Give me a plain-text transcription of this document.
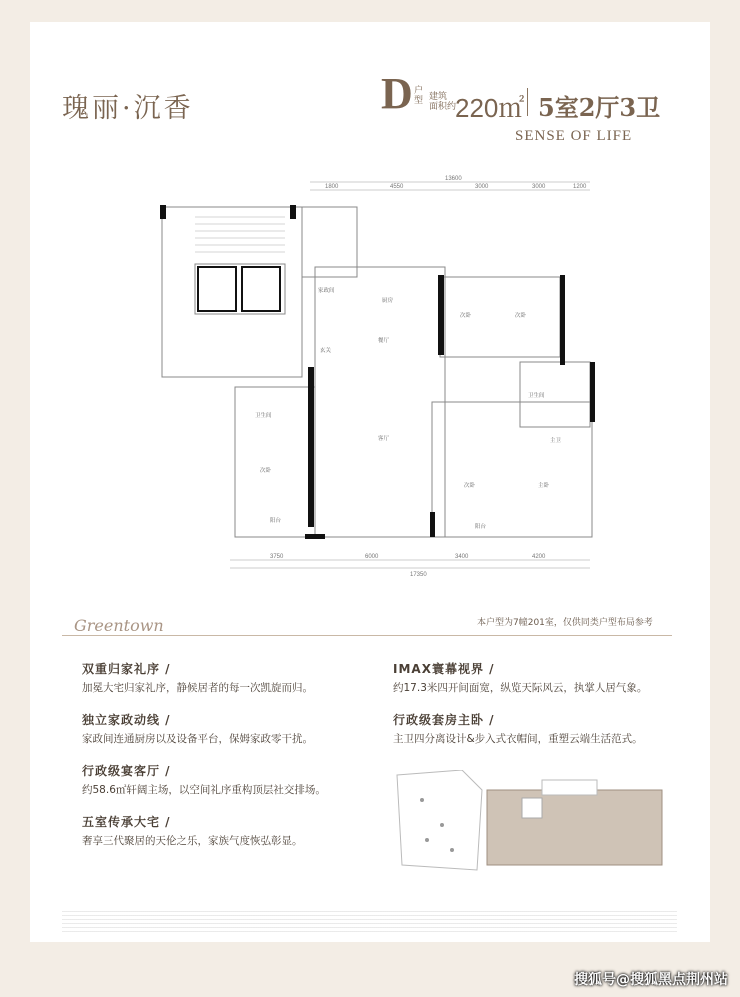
瑰丽·沉香	D 户
型 建筑
面积约
220㎡ 5室2厅3卫
SENSE OF LIFE
1800	4550	3000	3000	1200
13600
3750	6000	3400	4200
17350
客厅
餐厅
厨房
主卧
次卧	次卧
次卧
次卧
卫生间
卫生间
主卫
家政间
玄关
阳台
阳台
Greentown	本户型为7幢201室，仅供同类户型布局参考
双重归家礼序 /

加冕大宅归家礼序，静候居者的每一次凯旋而归。

独立家政动线 /

家政间连通厨房以及设备平台，保姆家政零干扰。

行政级宴客厅 /

约58.6㎡轩阔主场，以空间礼序重构顶层社交排场。

五室传承大宅 /

奢享三代聚居的天伦之乐，家族气度恢弘彰显。

IMAX寰幕视界 /

约17.3米四开间面宽，纵览天际风云，执掌人居气象。

行政级套房主卧 /

主卫四分离设计&步入式衣帽间，重塑云端生活范式。

搜狐号@搜狐黑点荆州站
